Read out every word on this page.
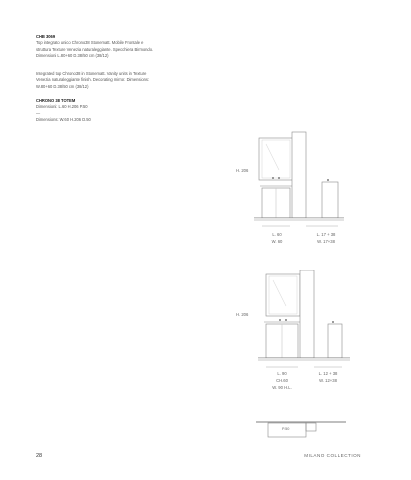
CHB 3069

Top integrato unico Chrono38 Stonematt. Mobile Frontale e

struttura Texture Venezia naturaleggiante. Specchiera Birmondo.

Dimensioni L.80+60 D.38/50 cm (38/12)

Integrated top Chrono38 in Stonematt. Vanity units in Texture

Venezia naturaleggiante finish. Decorating mirror. Dimensions:

W.80+60 D.38/50 cm (38/12)

CHRONO 38 TOTEM

Dimensioni: L.60 H.206 P.50

—

Dimensions: W.60 H.206 D.50

H. 206
L. 60
W. 60
L. 17 + 38
W. 17+38
H. 206
L. 90
CH.60
W. 90 H.L.
L. 12 + 38
W. 12+38
P.50
28	MILANO COLLECTION
